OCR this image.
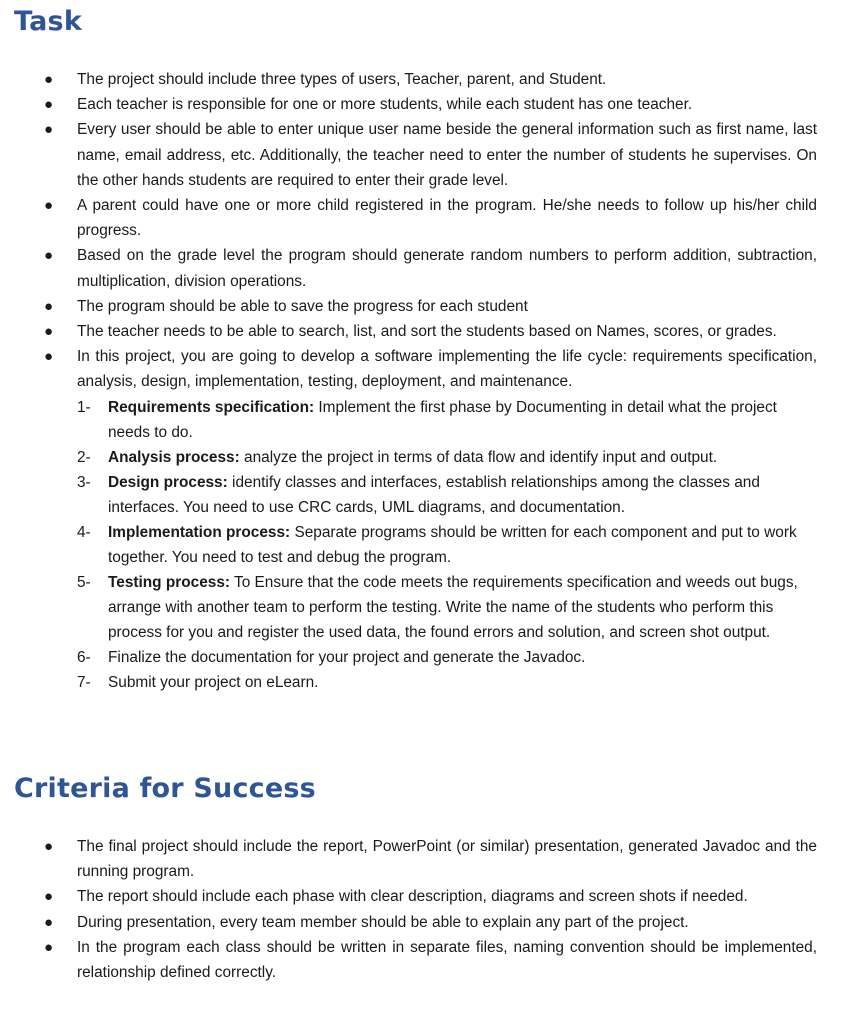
Task
● The project should include three types of users, Teacher, parent, and Student.
● Each teacher is responsible for one or more students, while each student has one teacher.
● Every user should be able to enter unique user name beside the general information such as first name, last name, email address, etc. Additionally, the teacher need to enter the number of students he supervises. On the other hands students are required to enter their grade level.
● A parent could have one or more child registered in the program. He/she needs to follow up his/her child progress.
● Based on the grade level the program should generate random numbers to perform addition, subtraction, multiplication, division operations.
● The program should be able to save the progress for each student
● The teacher needs to be able to search, list, and sort the students based on Names, scores, or grades.
● In this project, you are going to develop a software implementing the life cycle: requirements specification, analysis, design, implementation, testing, deployment, and maintenance.
1- Requirements specification: Implement the first phase by Documenting in detail what the project needs to do.
2- Analysis process: analyze the project in terms of data flow and identify input and output.
3- Design process: identify classes and interfaces, establish relationships among the classes and interfaces. You need to use CRC cards, UML diagrams, and documentation.
4- Implementation process: Separate programs should be written for each component and put to work together. You need to test and debug the program.
5- Testing process: To Ensure that the code meets the requirements specification and weeds out bugs, arrange with another team to perform the testing. Write the name of the students who perform this process for you and register the used data, the found errors and solution, and screen shot output.
6- Finalize the documentation for your project and generate the Javadoc.
7- Submit your project on eLearn.
Criteria for Success
● The final project should include the report, PowerPoint (or similar) presentation, generated Javadoc and the running program.
● The report should include each phase with clear description, diagrams and screen shots if needed.
● During presentation, every team member should be able to explain any part of the project.
● In the program each class should be written in separate files, naming convention should be implemented, relationship defined correctly.
